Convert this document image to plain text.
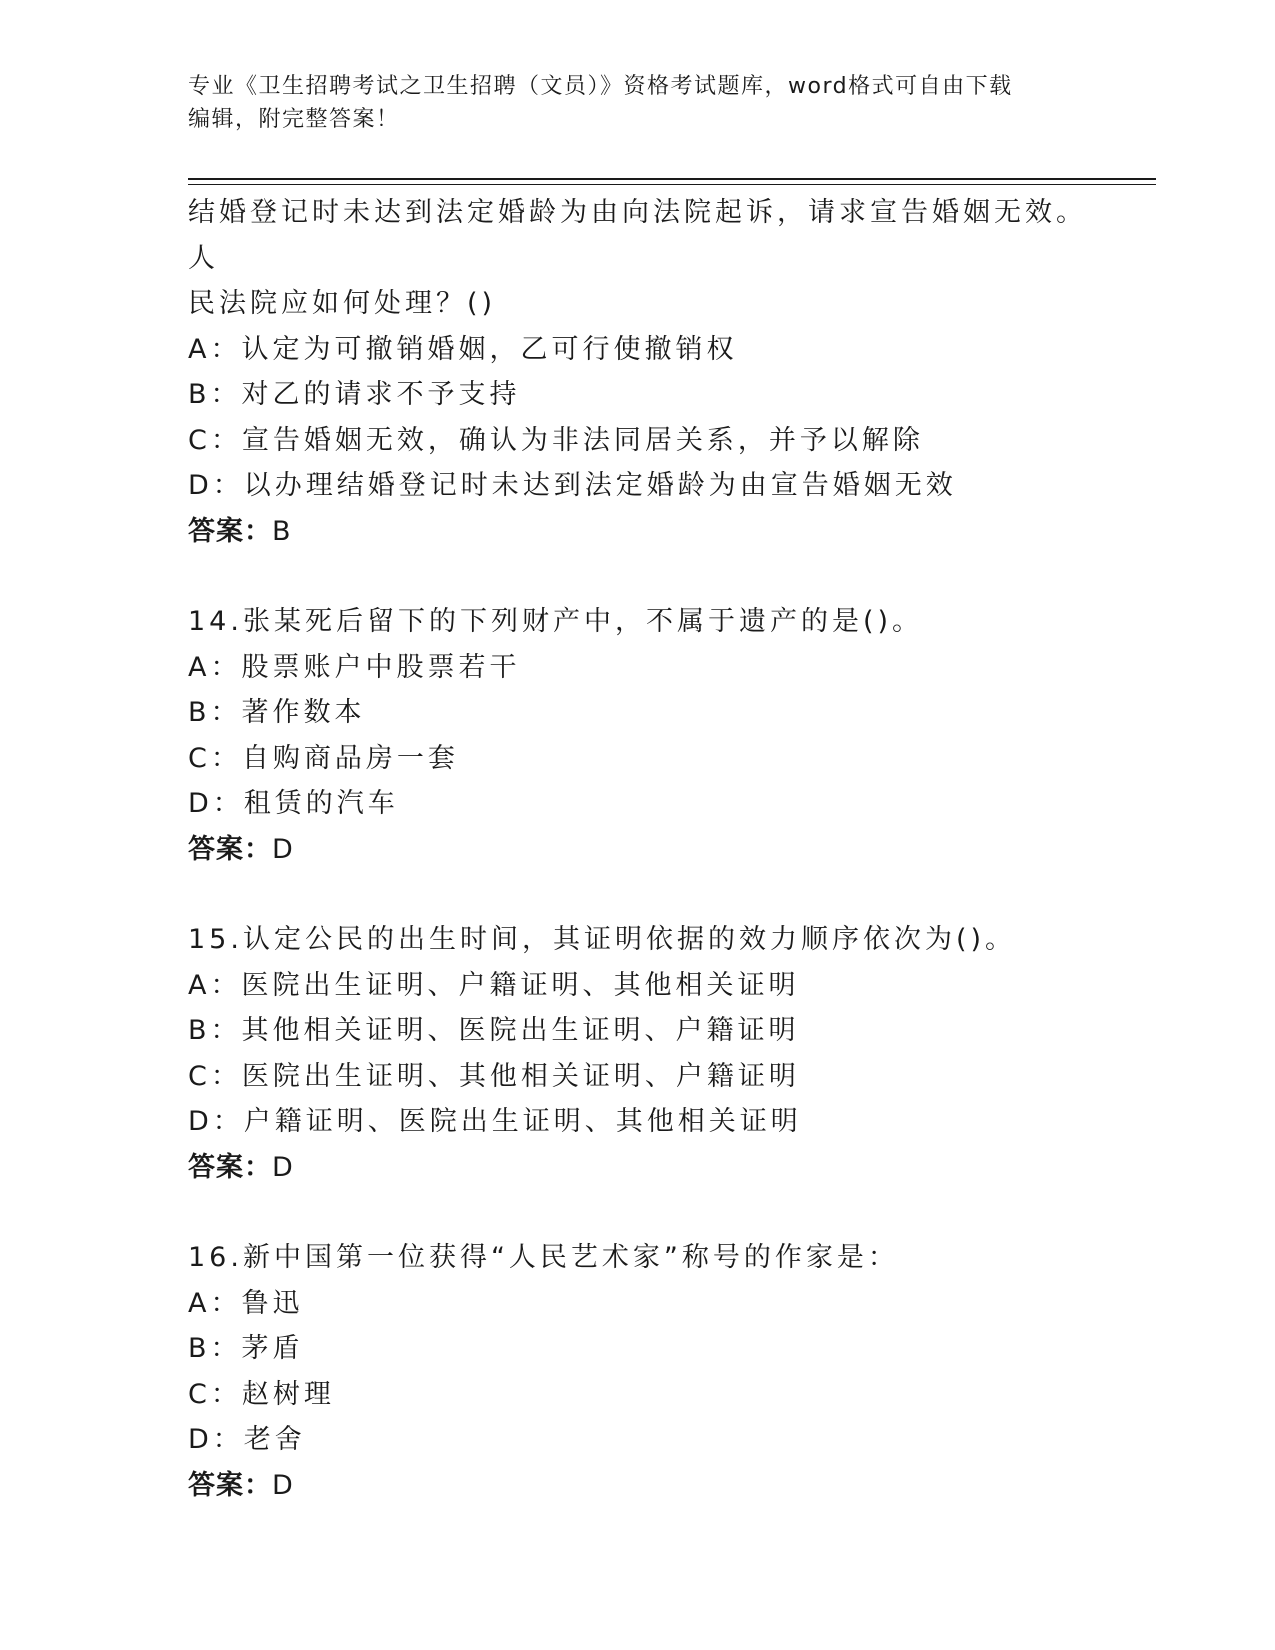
专业《卫生招聘考试之卫生招聘（文员）》资格考试题库，word格式可自由下载
编辑，附完整答案！
结婚登记时未达到法定婚龄为由向法院起诉，请求宣告婚姻无效。人
民法院应如何处理？()
A：认定为可撤销婚姻，乙可行使撤销权
B：对乙的请求不予支持
C：宣告婚姻无效，确认为非法同居关系，并予以解除
D：以办理结婚登记时未达到法定婚龄为由宣告婚姻无效
答案：B
14.张某死后留下的下列财产中，不属于遗产的是()。
A：股票账户中股票若干
B：著作数本
C：自购商品房一套
D：租赁的汽车
答案：D
15.认定公民的出生时间，其证明依据的效力顺序依次为()。
A：医院出生证明、户籍证明、其他相关证明
B：其他相关证明、医院出生证明、户籍证明
C：医院出生证明、其他相关证明、户籍证明
D：户籍证明、医院出生证明、其他相关证明
答案：D
16.新中国第一位获得“人民艺术家”称号的作家是：
A：鲁迅
B：茅盾
C：赵树理
D：老舍
答案：D
